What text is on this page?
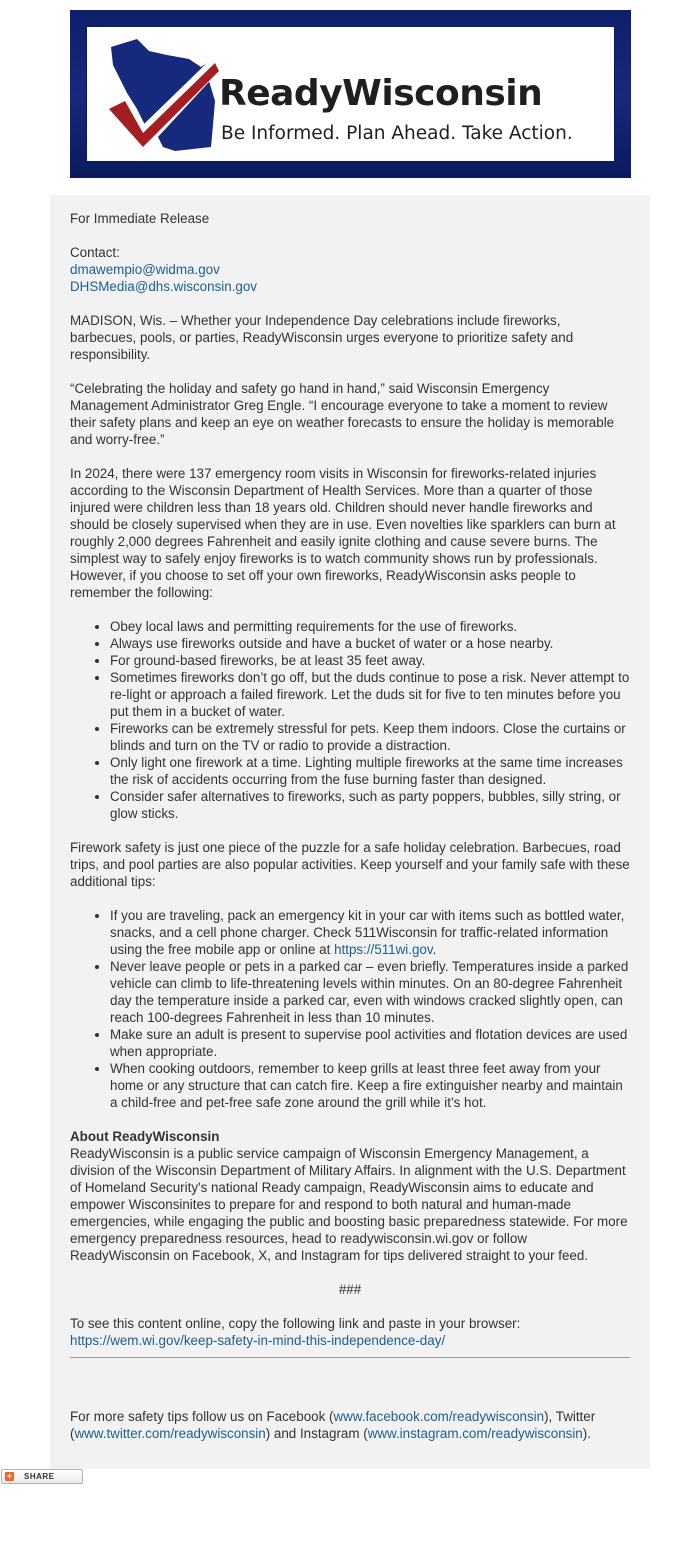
ReadyWisconsin
Be Informed. Plan Ahead. Take Action.

For Immediate Release

Contact:
dmawempio@widma.gov
DHSMedia@dhs.wisconsin.gov

MADISON, Wis. – Whether your Independence Day celebrations include fireworks, barbecues, pools, or parties, ReadyWisconsin urges everyone to prioritize safety and responsibility.

“Celebrating the holiday and safety go hand in hand,” said Wisconsin Emergency Management Administrator Greg Engle. “I encourage everyone to take a moment to review their safety plans and keep an eye on weather forecasts to ensure the holiday is memorable and worry-free.”

In 2024, there were 137 emergency room visits in Wisconsin for fireworks-related injuries according to the Wisconsin Department of Health Services. More than a quarter of those injured were children less than 18 years old. Children should never handle fireworks and should be closely supervised when they are in use. Even novelties like sparklers can burn at roughly 2,000 degrees Fahrenheit and easily ignite clothing and cause severe burns. The simplest way to safely enjoy fireworks is to watch community shows run by professionals. However, if you choose to set off your own fireworks, ReadyWisconsin asks people to remember the following:

• Obey local laws and permitting requirements for the use of fireworks.
• Always use fireworks outside and have a bucket of water or a hose nearby.
• For ground-based fireworks, be at least 35 feet away.
• Sometimes fireworks don’t go off, but the duds continue to pose a risk. Never attempt to re-light or approach a failed firework. Let the duds sit for five to ten minutes before you put them in a bucket of water.
• Fireworks can be extremely stressful for pets. Keep them indoors. Close the curtains or blinds and turn on the TV or radio to provide a distraction.
• Only light one firework at a time. Lighting multiple fireworks at the same time increases the risk of accidents occurring from the fuse burning faster than designed.
• Consider safer alternatives to fireworks, such as party poppers, bubbles, silly string, or glow sticks.

Firework safety is just one piece of the puzzle for a safe holiday celebration. Barbecues, road trips, and pool parties are also popular activities. Keep yourself and your family safe with these additional tips:

• If you are traveling, pack an emergency kit in your car with items such as bottled water, snacks, and a cell phone charger. Check 511Wisconsin for traffic-related information using the free mobile app or online at https://511wi.gov.
• Never leave people or pets in a parked car – even briefly. Temperatures inside a parked vehicle can climb to life-threatening levels within minutes. On an 80-degree Fahrenheit day the temperature inside a parked car, even with windows cracked slightly open, can reach 100-degrees Fahrenheit in less than 10 minutes.
• Make sure an adult is present to supervise pool activities and flotation devices are used when appropriate.
• When cooking outdoors, remember to keep grills at least three feet away from your home or any structure that can catch fire. Keep a fire extinguisher nearby and maintain a child-free and pet-free safe zone around the grill while it’s hot.

About ReadyWisconsin
ReadyWisconsin is a public service campaign of Wisconsin Emergency Management, a division of the Wisconsin Department of Military Affairs. In alignment with the U.S. Department of Homeland Security's national Ready campaign, ReadyWisconsin aims to educate and empower Wisconsinites to prepare for and respond to both natural and human-made emergencies, while engaging the public and boosting basic preparedness statewide. For more emergency preparedness resources, head to readywisconsin.wi.gov or follow ReadyWisconsin on Facebook, X, and Instagram for tips delivered straight to your feed.

###

To see this content online, copy the following link and paste in your browser:
https://wem.wi.gov/keep-safety-in-mind-this-independence-day/

For more safety tips follow us on Facebook (www.facebook.com/readywisconsin), Twitter (www.twitter.com/readywisconsin) and Instagram (www.instagram.com/readywisconsin).

+ SHARE
